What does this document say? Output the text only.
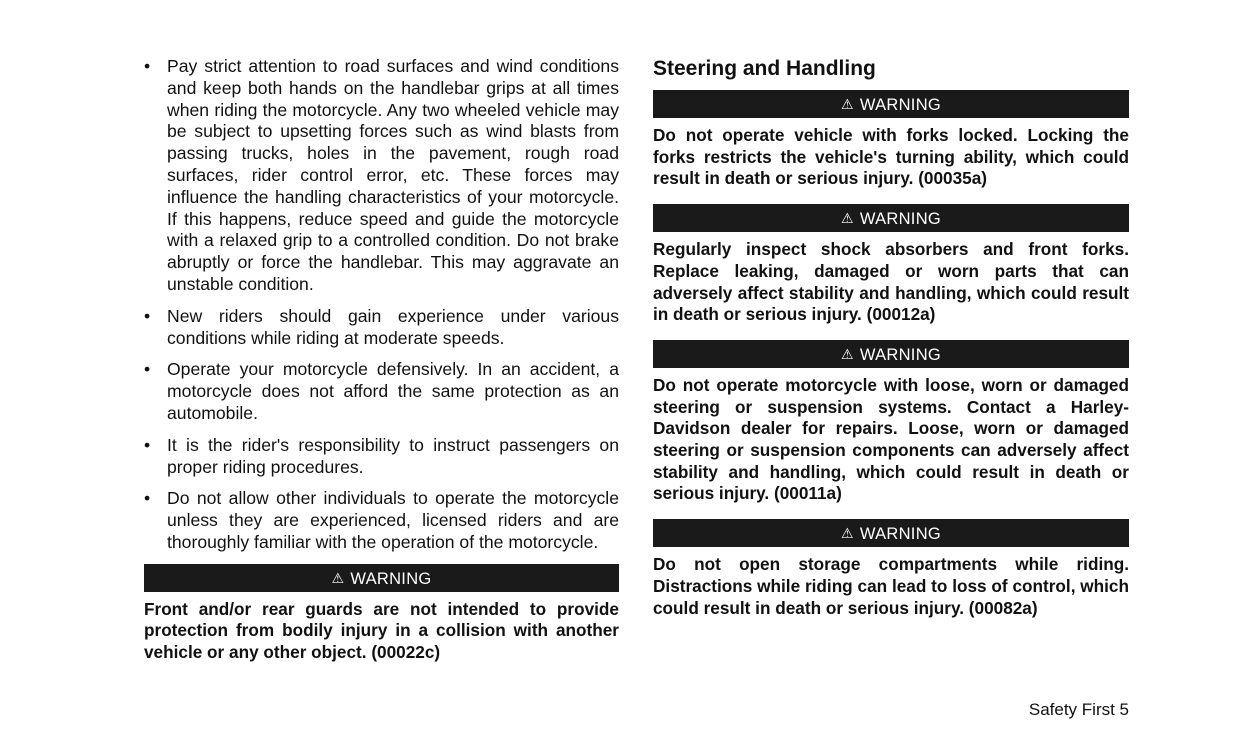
• Pay strict attention to road surfaces and wind conditions and keep both hands on the handlebar grips at all times when riding the motorcycle. Any two wheeled vehicle may be subject to upsetting forces such as wind blasts from passing trucks, holes in the pavement, rough road surfaces, rider control error, etc. These forces may influence the handling characteristics of your motorcycle. If this happens, reduce speed and guide the motorcycle with a relaxed grip to a controlled condition. Do not brake abruptly or force the handlebar. This may aggravate an unstable condition.
• New riders should gain experience under various conditions while riding at moderate speeds.
• Operate your motorcycle defensively. In an accident, a motorcycle does not afford the same protection as an automobile.
• It is the rider's responsibility to instruct passengers on proper riding procedures.
• Do not allow other individuals to operate the motorcycle unless they are experienced, licensed riders and are thoroughly familiar with the operation of the motorcycle.
⚠ WARNING

Front and/or rear guards are not intended to provide protection from bodily injury in a collision with another vehicle or any other object. (00022c)

Steering and Handling
⚠ WARNING

Do not operate vehicle with forks locked. Locking the forks restricts the vehicle's turning ability, which could result in death or serious injury. (00035a)

⚠ WARNING

Regularly inspect shock absorbers and front forks. Replace leaking, damaged or worn parts that can adversely affect stability and handling, which could result in death or serious injury. (00012a)

⚠ WARNING

Do not operate motorcycle with loose, worn or damaged steering or suspension systems. Contact a Harley-Davidson dealer for repairs. Loose, worn or damaged steering or suspension components can adversely affect stability and handling, which could result in death or serious injury. (00011a)

⚠ WARNING

Do not open storage compartments while riding. Distractions while riding can lead to loss of control, which could result in death or serious injury. (00082a)

Safety First 5
